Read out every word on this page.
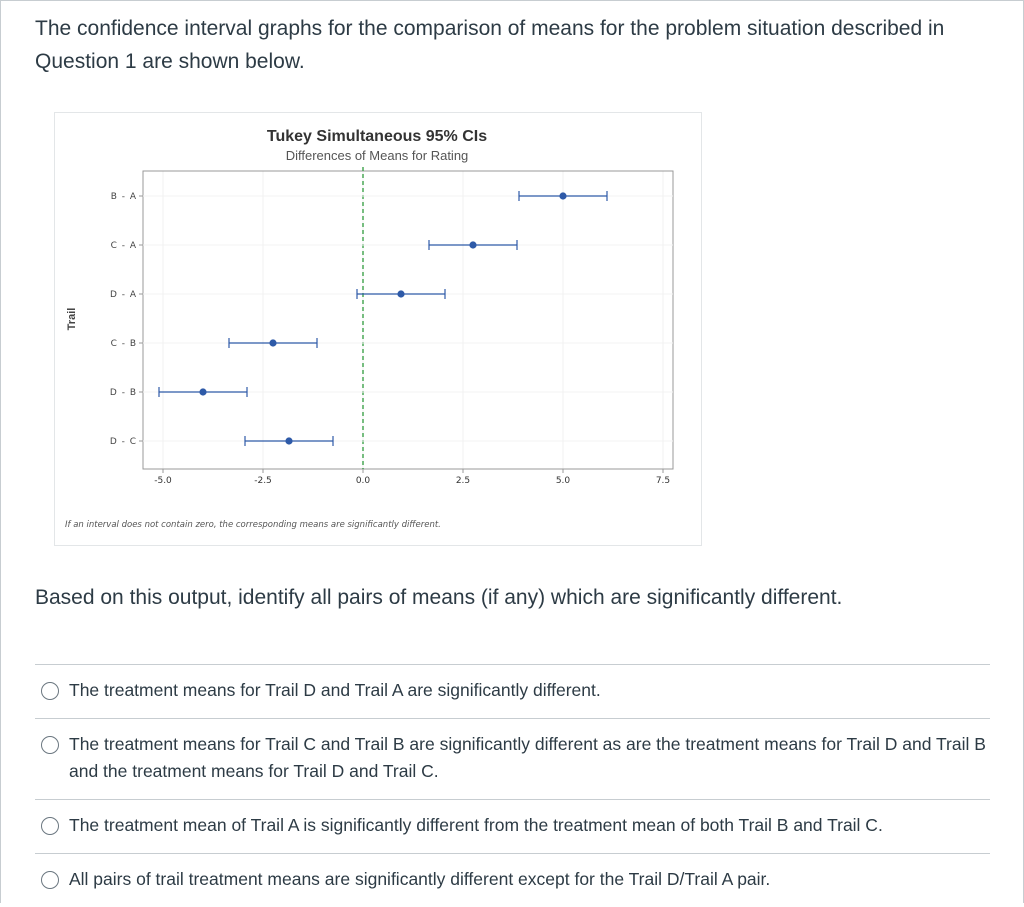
The confidence interval graphs for the comparison of means for the problem situation described in Question 1 are shown below.
Tukey Simultaneous 95% CIs
Differences of Means for Rating
Trail
If an interval does not contain zero, the corresponding means are significantly different.
-5.0	-2.5	0.0	2.5	5.0	7.5
B - A
C - A
D - A
C - B
D - B
D - C
Based on this output, identify all pairs of means (if any) which are significantly different.
The treatment means for Trail D and Trail A are significantly different.
The treatment means for Trail C and Trail B are significantly different as are the treatment means for Trail D and Trail B and the treatment means for Trail D and Trail C.
The treatment mean of Trail A is significantly different from the treatment mean of both Trail B and Trail C.
All pairs of trail treatment means are significantly different except for the Trail D/Trail A pair.
